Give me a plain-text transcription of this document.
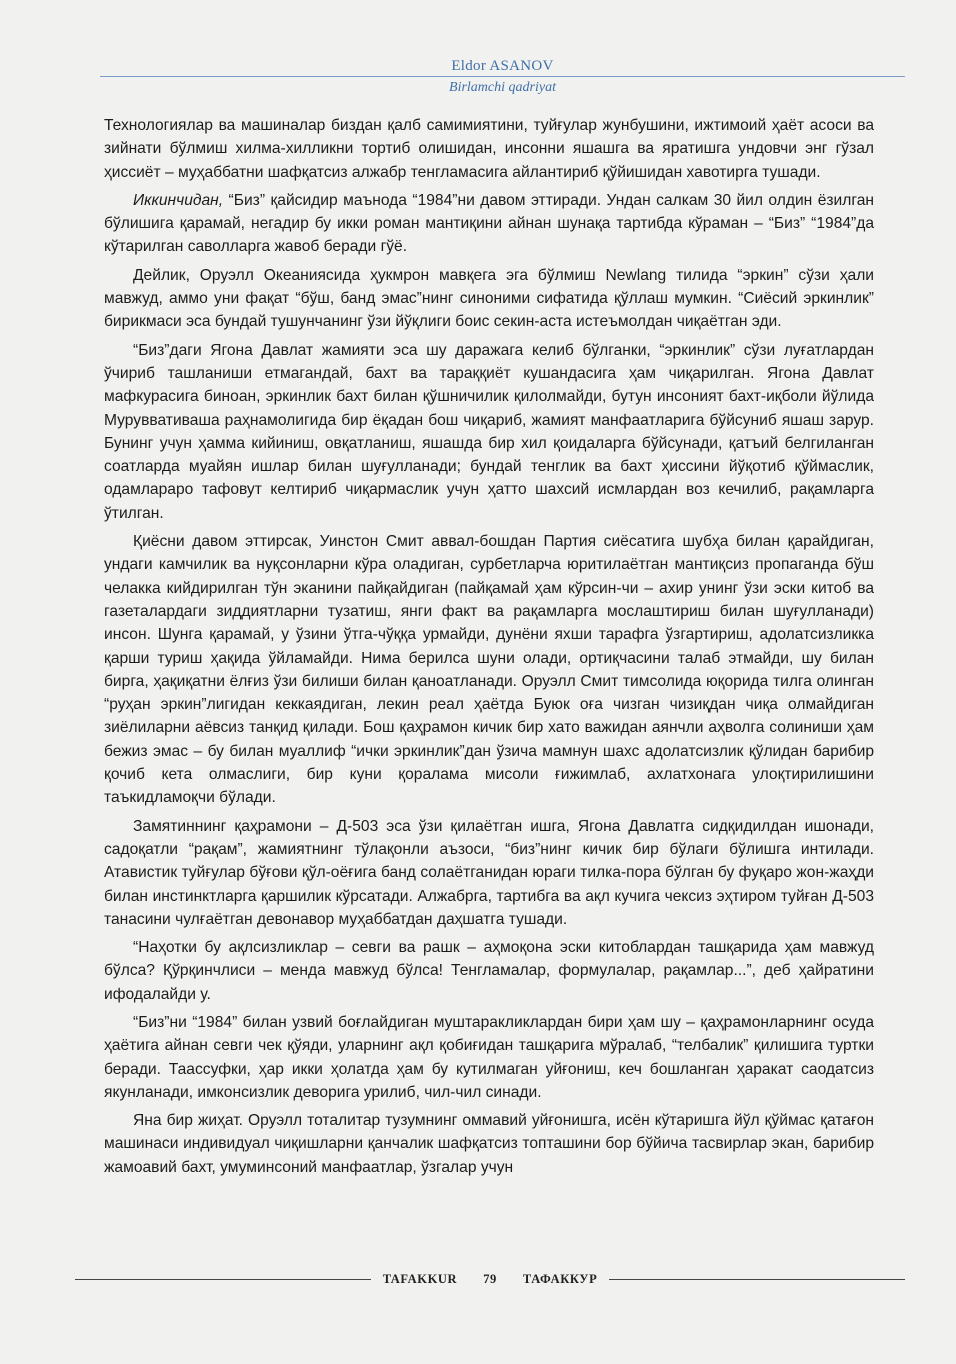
Eldor ASANOV
Birlamchi qadriyat

Технологиялар ва машиналар биздан қалб самимиятини, туйғулар жунбушини, ижтимоий ҳаёт асоси ва зийнати бўлмиш хилма-хилликни тортиб олишидан, инсонни яшашга ва яратишга ундовчи энг гўзал ҳиссиёт – муҳаббатни шафқатсиз алжабр тенгламасига айлантириб қўйишидан хавотирга тушади.

Иккинчидан, “Биз” қайсидир маънода “1984”ни давом эттиради. Ундан салкам 30 йил олдин ёзилган бўлишига қарамай, негадир бу икки роман мантиқини айнан шунақа тартибда кўраман – “Биз” “1984”да кўтарилган саволларга жавоб беради гўё.

Дейлик, Оруэлл Океаниясида ҳукмрон мавқега эга бўлмиш Newlang тилида “эркин” сўзи ҳали мавжуд, аммо уни фақат “бўш, банд эмас”нинг синоними сифатида қўллаш мумкин. “Сиёсий эркинлик” бирикмаси эса бундай тушунчанинг ўзи йўқлиги боис секин-аста истеъмолдан чиқаётган эди.

“Биз”даги Ягона Давлат жамияти эса шу даражага келиб бўлганки, “эркинлик” сўзи луғатлардан ўчириб ташланиши етмагандай, бахт ва тараққиёт кушандасига ҳам чиқарилган. Ягона Давлат мафкурасига биноан, эркинлик бахт билан қўшничилик қилолмайди, бутун инсоният бахт-иқболи йўлида Муруввативашa раҳнамолигида бир ёқадан бош чиқариб, жамият манфаатларига бўйсуниб яшаш зарур. Бунинг учун ҳамма кийиниш, овқатланиш, яшашда бир хил қоидаларга бўйсунади, қатъий белгиланган соатларда муайян ишлар билан шуғулланади; бундай тенглик ва бахт ҳиссини йўқотиб қўймаслик, одамлараро тафовут келтириб чиқармаслик учун ҳатто шахсий исмлардан воз кечилиб, рақамларга ўтилган.

Қиёсни давом эттирсак, Уинстон Смит аввал-бошдан Партия сиёсатига шубҳа билан қарайдиган, ундаги камчилик ва нуқсонларни кўра оладиган, сурбетларча юритилаётган мантиқсиз пропаганда бўш челакка кийдирилган тўн эканини пайқайдиган (пайқамай ҳам кўрсин-чи – ахир унинг ўзи эски китоб ва газеталардаги зиддиятларни тузатиш, янги факт ва рақамларга мослаштириш билан шуғулланади) инсон. Шунга қарамай, у ўзини ўтга-чўққа урмайди, дунёни яхши тарафга ўзгартириш, адолатсизликка қарши туриш ҳақида ўйламайди. Нима берилса шуни олади, ортиқчасини талаб этмайди, шу билан бирга, ҳақиқатни ёлғиз ўзи билиши билан қаноатланади. Оруэлл Смит тимсолида юқорида тилга олинган “руҳан эркин”лигидан кеккаядиган, лекин реал ҳаётда Буюк оға чизган чизиқдан чиқа олмайдиган зиёлиларни аёвсиз танқид қилади. Бош қаҳрамон кичик бир хато важидан аянчли аҳволга солиниши ҳам бежиз эмас – бу билан муаллиф “ички эркинлик”дан ўзича мамнун шахс адолатсизлик қўлидан барибир қочиб кета олмаслиги, бир куни қорaлама мисоли ғижимлаб, ахлатхонага улоқтирилишини таъкидламоқчи бўлади.

Замятиннинг қаҳрамони – Д-503 эса ўзи қилаётган ишга, Ягона Давлатга сидқидилдан ишонади, садоқатли “рақам”, жамиятнинг тўлақонли аъзоси, “биз”нинг кичик бир бўлаги бўлишга интилади. Атавистик туйғулар бўғови қўл-оёғига банд солаётганидан юраги тилка-пора бўлган бу фуқаро жон-жаҳди билан инстинктларга қаршилик кўрсатади. Алжабрга, тартибга ва ақл кучига чексиз эҳтиром туйған Д-503 танасини чулғаётган девонавор муҳаббатдан даҳшатга тушади.

“Наҳотки бу ақлсизликлар – севги ва рашк – аҳмоқона эски китоблардан ташқарида ҳам мавжуд бўлса? Қўрқинчлиси – менда мавжуд бўлса! Тенгламалар, формулалар, рақамлар...”, деб ҳайратини ифодалайди у.

“Биз”ни “1984” билан узвий боғлайдиган муштаракликлардан бири ҳам шу – қаҳрамонларнинг осуда ҳаётига айнан севги чек қўяди, уларнинг ақл қобиғидан ташқарига мўралаб, “телбалик” қилишига туртки беради. Таассуфки, ҳар икки ҳолатда ҳам бу кутилмаган уйғониш, кеч бошланган ҳаракат саодатсиз якунланади, имконсизлик деворига урилиб, чил-чил синади.

Яна бир жиҳат. Оруэлл тоталитар тузумнинг оммавий уйғонишга, исён кўтаришга йўл қўймас қатағон машинаси индивидуал чиқишларни қанчалик шафқатсиз топташини бор бўйича тасвирлар экан, барибир жамоавий бахт, умуминсоний манфаатлар, ўзгалар учун

TAFAKKUR 79 ТАФАККУР
